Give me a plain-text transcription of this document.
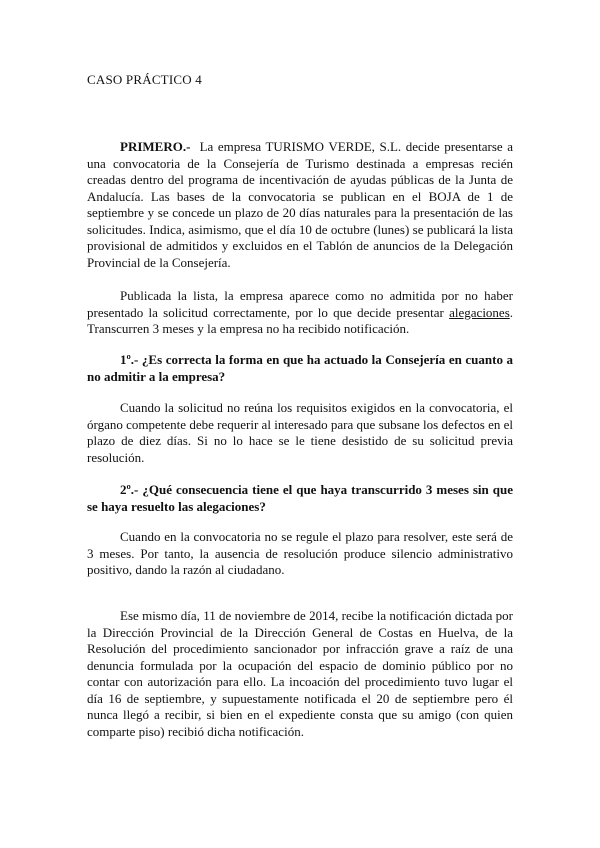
CASO PRÁCTICO 4

PRIMERO.- La empresa TURISMO VERDE, S.L. decide presentarse a una convocatoria de la Consejería de Turismo destinada a empresas recién creadas dentro del programa de incentivación de ayudas públicas de la Junta de Andalucía. Las bases de la convocatoria se publican en el BOJA de 1 de septiembre y se concede un plazo de 20 días naturales para la presentación de las solicitudes. Indica, asimismo, que el día 10 de octubre (lunes) se publicará la lista provisional de admitidos y excluidos en el Tablón de anuncios de la Delegación Provincial de la Consejería.

Publicada la lista, la empresa aparece como no admitida por no haber presentado la solicitud correctamente, por lo que decide presentar alegaciones. Transcurren 3 meses y la empresa no ha recibido notificación.

1º.- ¿Es correcta la forma en que ha actuado la Consejería en cuanto a no admitir a la empresa?

Cuando la solicitud no reúna los requisitos exigidos en la convocatoria, el órgano competente debe requerir al interesado para que subsane los defectos en el plazo de diez días. Si no lo hace se le tiene desistido de su solicitud previa resolución.

2º.- ¿Qué consecuencia tiene el que haya transcurrido 3 meses sin que se haya resuelto las alegaciones?

Cuando en la convocatoria no se regule el plazo para resolver, este será de 3 meses. Por tanto, la ausencia de resolución produce silencio administrativo positivo, dando la razón al ciudadano.

Ese mismo día, 11 de noviembre de 2014, recibe la notificación dictada por la Dirección Provincial de la Dirección General de Costas en Huelva, de la Resolución del procedimiento sancionador por infracción grave a raíz de una denuncia formulada por la ocupación del espacio de dominio público por no contar con autorización para ello. La incoación del procedimiento tuvo lugar el día 16 de septiembre, y supuestamente notificada el 20 de septiembre pero él nunca llegó a recibir, si bien en el expediente consta que su amigo (con quien comparte piso) recibió dicha notificación.
